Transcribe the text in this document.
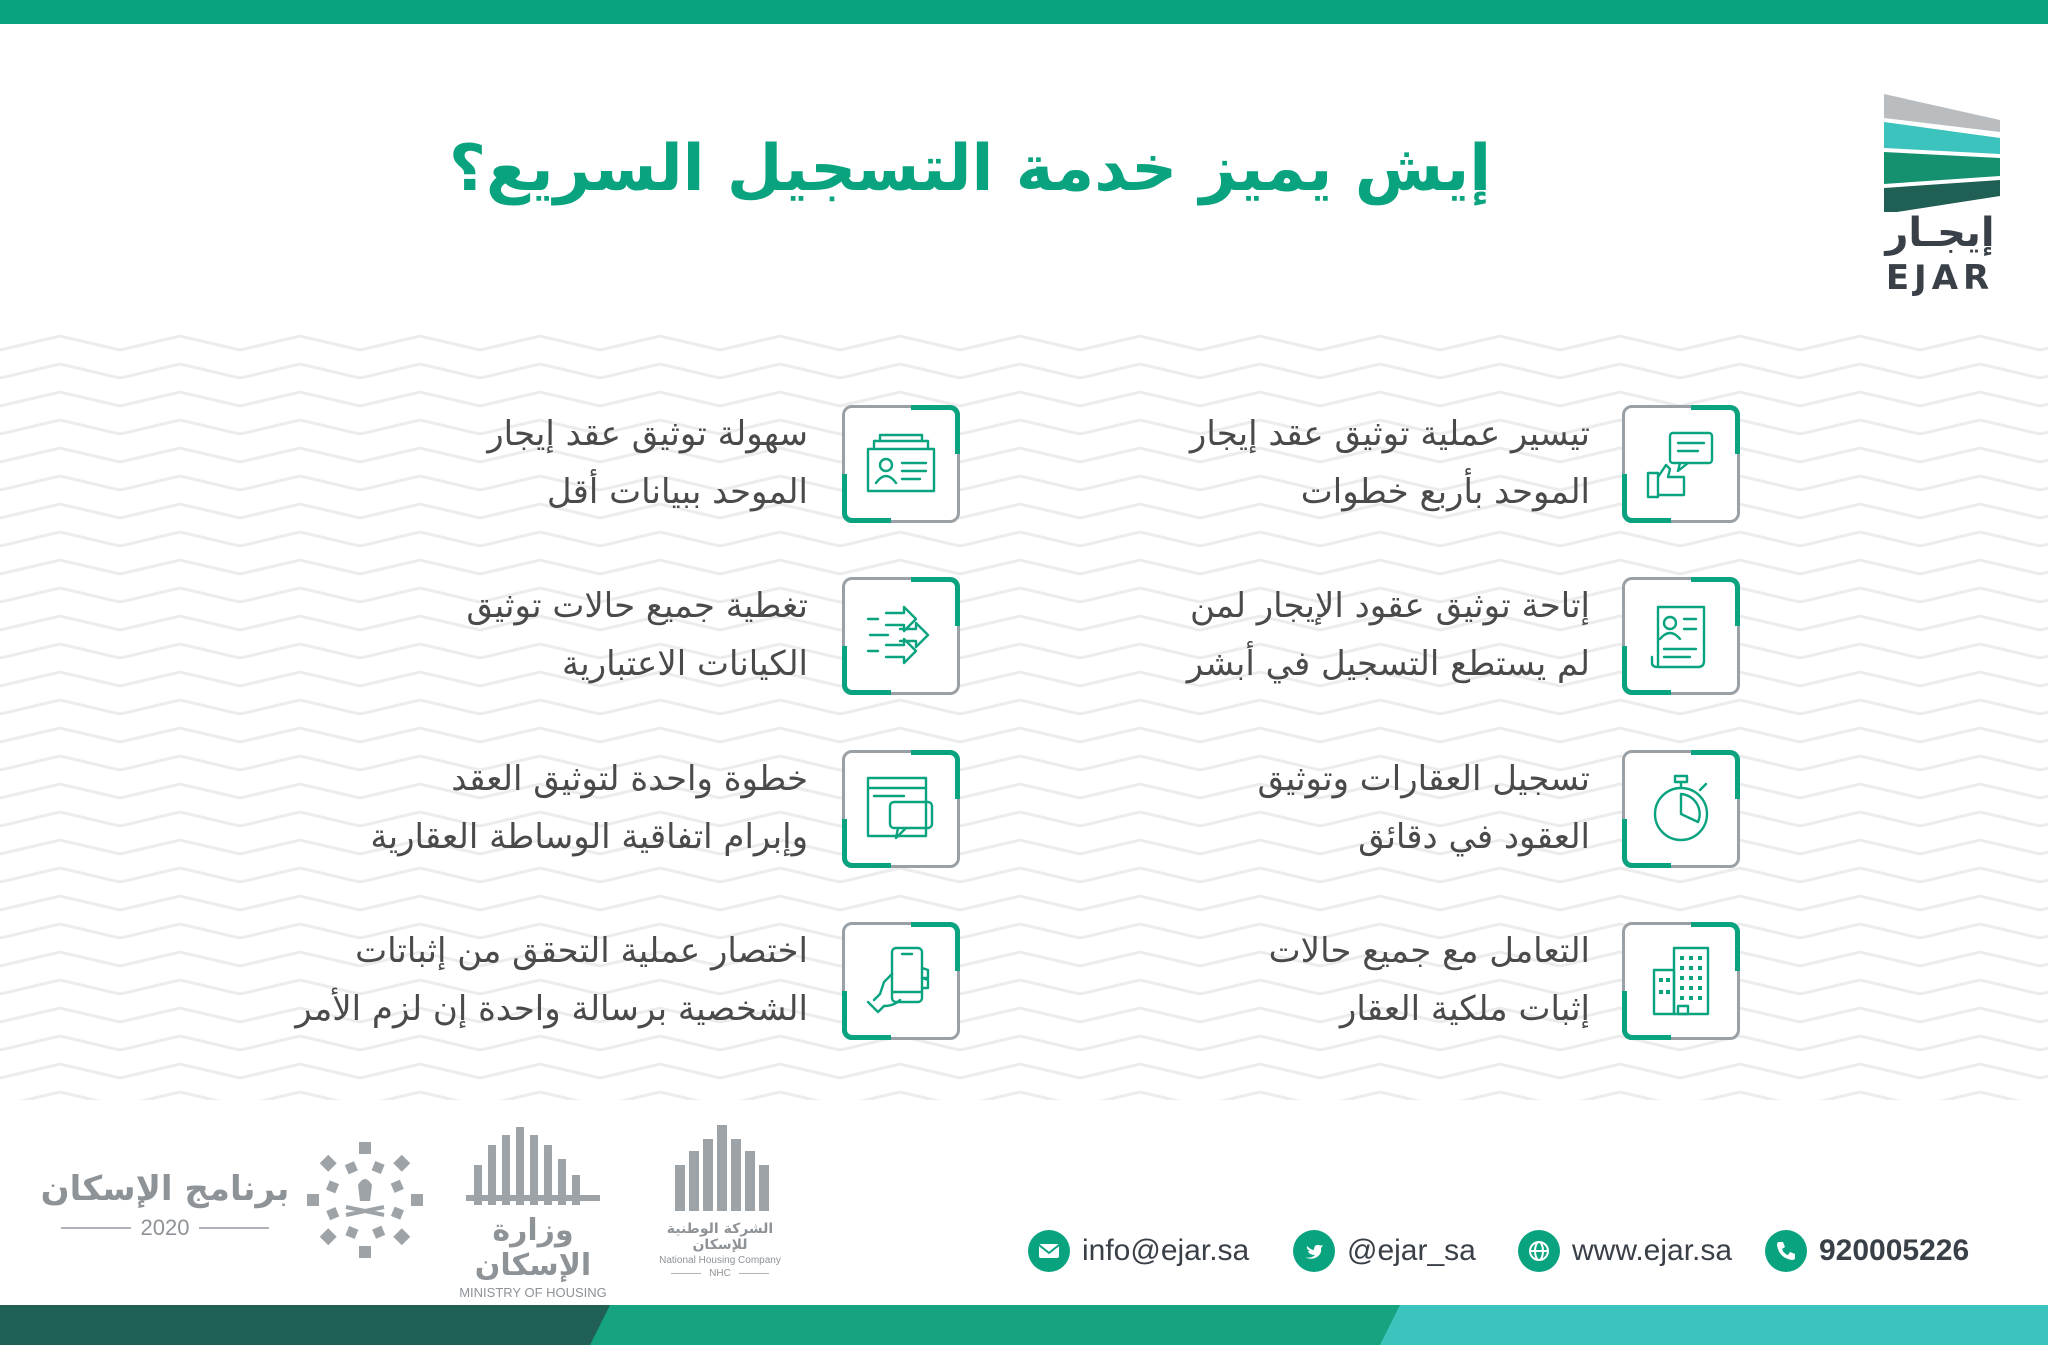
إيجـار
EJAR
إيش يميز خدمة التسجيل السريع؟
تيسير عملية توثيق عقد إيجار
الموحد بأربع خطوات
إتاحة توثيق عقود الإيجار لمن
لم يستطع التسجيل في أبشر
تسجيل العقارات وتوثيق
العقود في دقائق
التعامل مع جميع حالات
إثبات ملكية العقار
سهولة توثيق عقد إيجار
الموحد ببيانات أقل
تغطية جميع حالات توثيق
الكيانات الاعتبارية
خطوة واحدة لتوثيق العقد
وإبرام اتفاقية الوساطة العقارية
اختصار عملية التحقق من إثباتات
الشخصية برسالة واحدة إن لزم الأمر
برنامج الإسكان
2020	وزارة الإسكان
MINISTRY OF HOUSING
الشركة الوطنية للإسكان
National Housing Company
NHC
info@ejar.sa	@ejar_sa	www.ejar.sa	920005226
